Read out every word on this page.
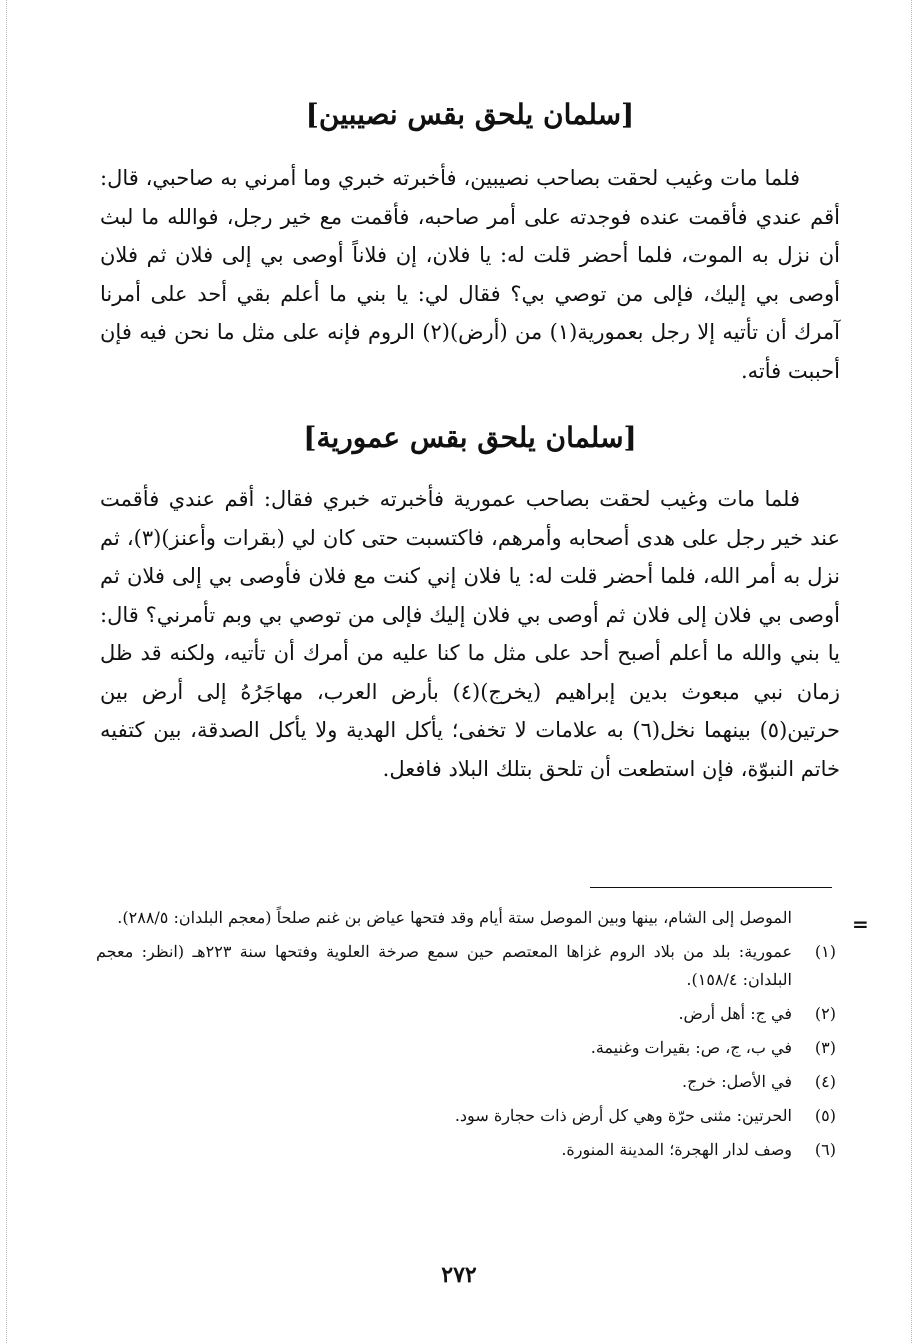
[سلمان يلحق بقس نصيبين]

فلما مات وغيب لحقت بصاحب نصيبين، فأخبرته خبري وما أمرني به صاحبي، قال: أقم عندي فأقمت عنده فوجدته على أمر صاحبه، فأقمت مع خير رجل، فوالله ما لبث أن نزل به الموت، فلما أحضر قلت له: يا فلان، إن فلاناً أوصى بي إلى فلان ثم فلان أوصى بي إليك، فإلى من توصي بي؟ فقال لي: يا بني ما أعلم بقي أحد على أمرنا آمرك أن تأتيه إلا رجل بعمورية(١) من (أرض)(٢) الروم فإنه على مثل ما نحن فيه فإن أحببت فأته.

[سلمان يلحق بقس عمورية]

فلما مات وغيب لحقت بصاحب عمورية فأخبرته خبري فقال: أقم عندي فأقمت عند خير رجل على هدى أصحابه وأمرهم، فاكتسبت حتى كان لي (بقرات وأعنز)(٣)، ثم نزل به أمر الله، فلما أحضر قلت له: يا فلان إني كنت مع فلان فأوصى بي إلى فلان ثم أوصى بي فلان إلى فلان ثم أوصى بي فلان إليك فإلى من توصي بي وبم تأمرني؟ قال: يا بني والله ما أعلم أصبح أحد على مثل ما كنا عليه من أمرك أن تأتيه، ولكنه قد ظل زمان نبي مبعوث بدين إبراهيم (يخرج)(٤) بأرض العرب، مهاجَرُهُ إلى أرض بين حرتين(٥) بينهما نخل(٦) به علامات لا تخفى؛ يأكل الهدية ولا يأكل الصدقة، بين كتفيه خاتم النبوّة، فإن استطعت أن تلحق بتلك البلاد فافعل.

=
الموصل إلى الشام، بينها وبين الموصل ستة أيام وقد فتحها عياض بن غنم صلحاً (معجم البلدان: ٢٨٨/٥).
(١)
عمورية: بلد من بلاد الروم غزاها المعتصم حين سمع صرخة العلوية وفتحها سنة ٢٢٣هـ (انظر: معجم البلدان: ١٥٨/٤).
(٢)
في ج: أهل أرض.
(٣)
في ب، ج، ص: بقيرات وغنيمة.
(٤)
في الأصل: خرج.
(٥)
الحرتين: مثنى حرّة وهي كل أرض ذات حجارة سود.
(٦)
وصف لدار الهجرة؛ المدينة المنورة.
٢٧٢
